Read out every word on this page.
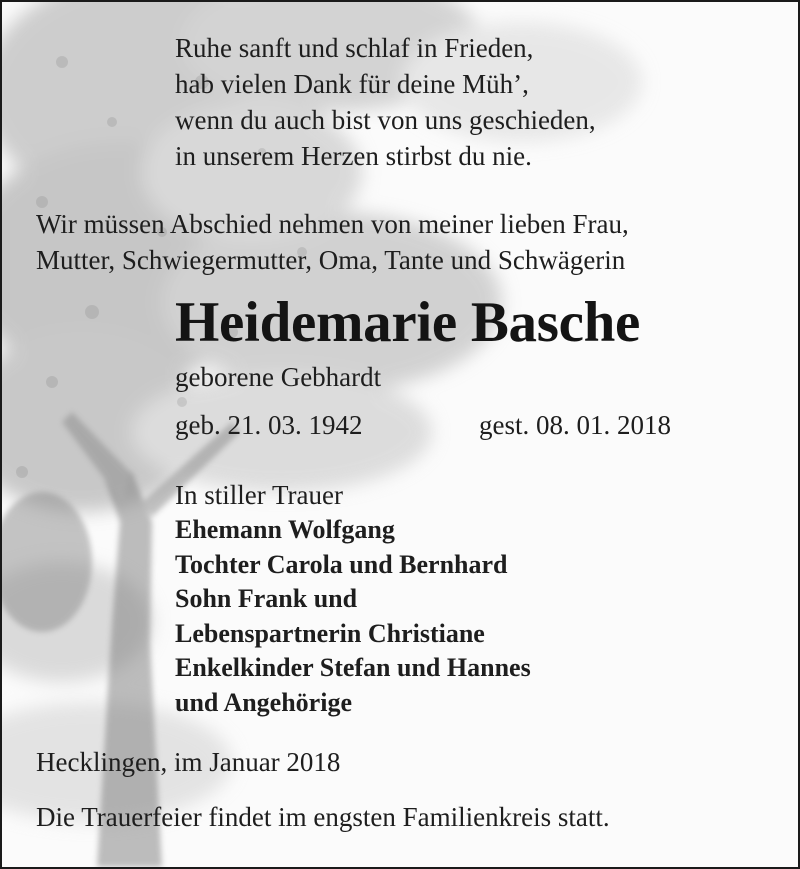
Ruhe sanft und schlaf in Frieden,
hab vielen Dank für deine Müh’,
wenn du auch bist von uns geschieden,
in unserem Herzen stirbst du nie.
Wir müssen Abschied nehmen von meiner lieben Frau,
Mutter, Schwiegermutter, Oma, Tante und Schwägerin
Heidemarie Basche
geborene Gebhardt
geb. 21. 03. 1942	gest. 08. 01. 2018
In stiller Trauer
Ehemann Wolfgang
Tochter Carola und Bernhard
Sohn Frank und
Lebenspartnerin Christiane
Enkelkinder Stefan und Hannes
und Angehörige
Hecklingen, im Januar 2018
Die Trauerfeier findet im engsten Familienkreis statt.
